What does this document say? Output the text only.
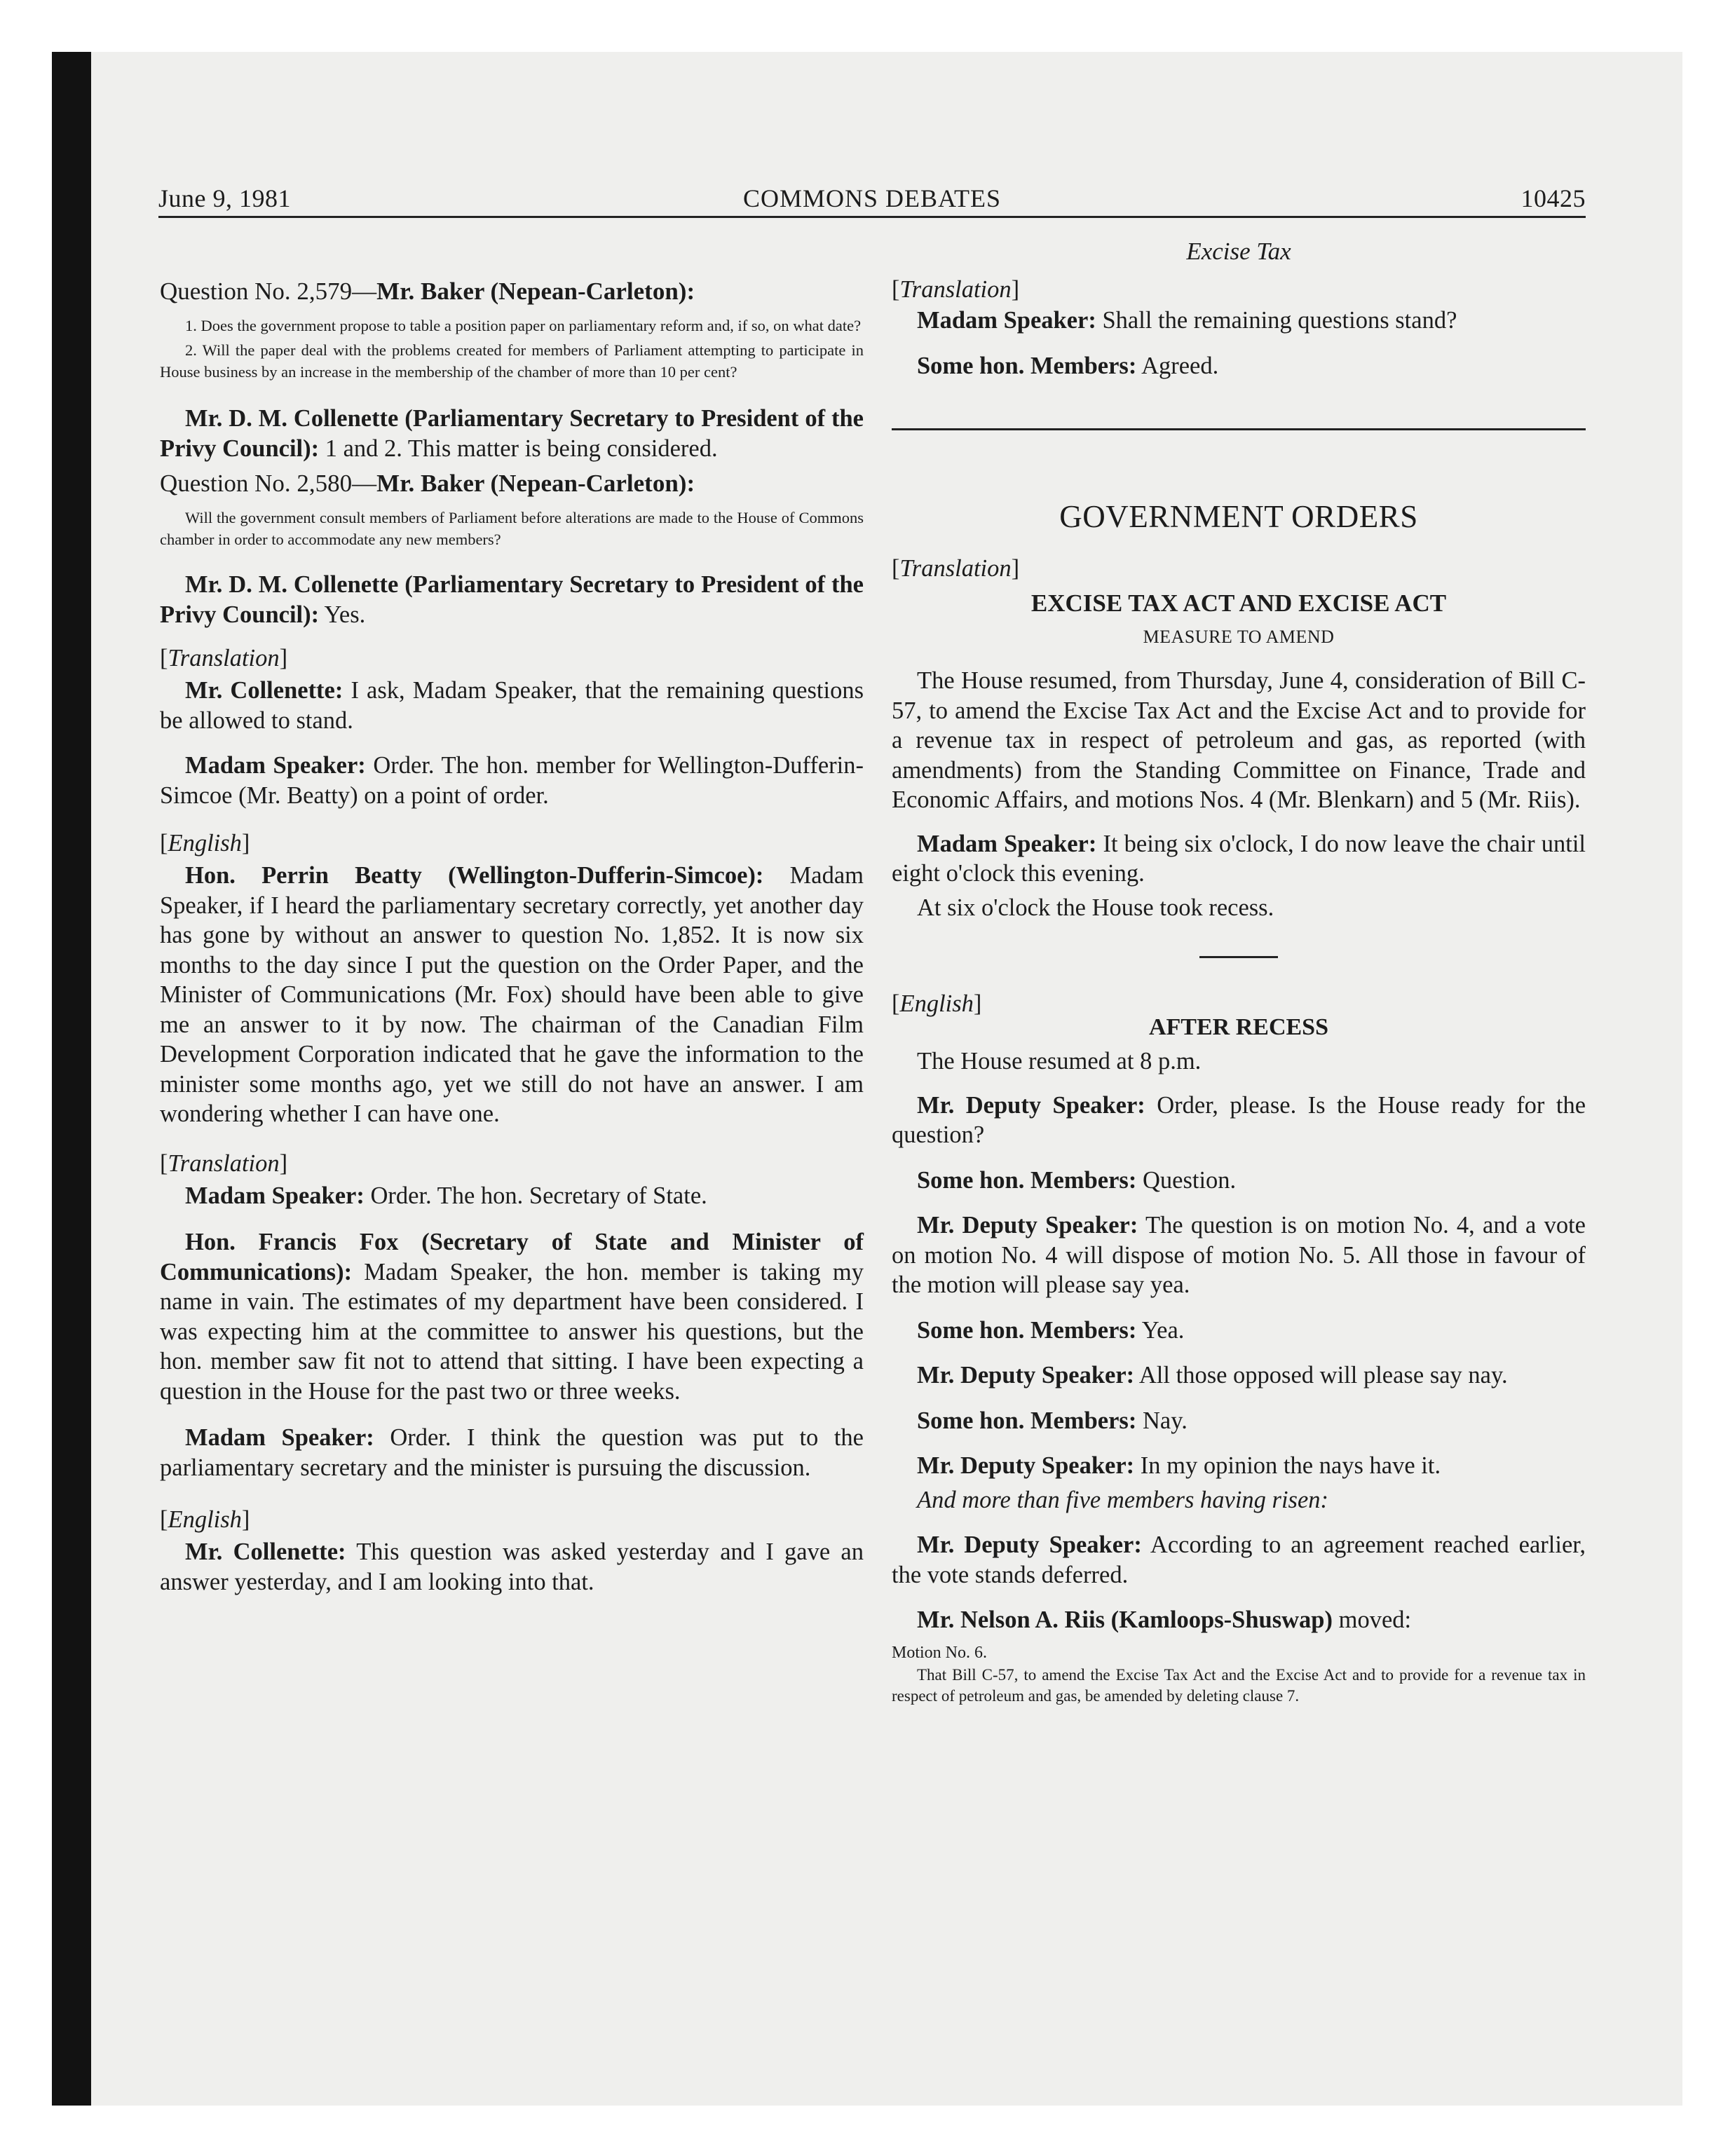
June 9, 1981	COMMONS DEBATES	10425

Question No. 2,579—Mr. Baker (Nepean-Carleton):

1. Does the government propose to table a position paper on parliamentary reform and, if so, on what date?

2. Will the paper deal with the problems created for members of Parliament attempting to participate in House business by an increase in the membership of the chamber of more than 10 per cent?

Mr. D. M. Collenette (Parliamentary Secretary to President of the Privy Council): 1 and 2. This matter is being considered.

Question No. 2,580—Mr. Baker (Nepean-Carleton):

Will the government consult members of Parliament before alterations are made to the House of Commons chamber in order to accommodate any new members?

Mr. D. M. Collenette (Parliamentary Secretary to President of the Privy Council): Yes.

[Translation]

Mr. Collenette: I ask, Madam Speaker, that the remaining questions be allowed to stand.

Madam Speaker: Order. The hon. member for Wellington-Dufferin-Simcoe (Mr. Beatty) on a point of order.

[English]

Hon. Perrin Beatty (Wellington-Dufferin-Simcoe): Madam Speaker, if I heard the parliamentary secretary correctly, yet another day has gone by without an answer to question No. 1,852. It is now six months to the day since I put the question on the Order Paper, and the Minister of Communications (Mr. Fox) should have been able to give me an answer to it by now. The chairman of the Canadian Film Development Corporation indicated that he gave the information to the minister some months ago, yet we still do not have an answer. I am wondering whether I can have one.

[Translation]

Madam Speaker: Order. The hon. Secretary of State.

Hon. Francis Fox (Secretary of State and Minister of Communications): Madam Speaker, the hon. member is taking my name in vain. The estimates of my department have been considered. I was expecting him at the committee to answer his questions, but the hon. member saw fit not to attend that sitting. I have been expecting a question in the House for the past two or three weeks.

Madam Speaker: Order. I think the question was put to the parliamentary secretary and the minister is pursuing the discussion.

[English]

Mr. Collenette: This question was asked yesterday and I gave an answer yesterday, and I am looking into that.

Excise Tax

[Translation]

Madam Speaker: Shall the remaining questions stand?

Some hon. Members: Agreed.

GOVERNMENT ORDERS

[Translation]

EXCISE TAX ACT AND EXCISE ACT

MEASURE TO AMEND

The House resumed, from Thursday, June 4, consideration of Bill C-57, to amend the Excise Tax Act and the Excise Act and to provide for a revenue tax in respect of petroleum and gas, as reported (with amendments) from the Standing Committee on Finance, Trade and Economic Affairs, and motions Nos. 4 (Mr. Blenkarn) and 5 (Mr. Riis).

Madam Speaker: It being six o'clock, I do now leave the chair until eight o'clock this evening.

At six o'clock the House took recess.

[English]

AFTER RECESS

The House resumed at 8 p.m.

Mr. Deputy Speaker: Order, please. Is the House ready for the question?

Some hon. Members: Question.

Mr. Deputy Speaker: The question is on motion No. 4, and a vote on motion No. 4 will dispose of motion No. 5. All those in favour of the motion will please say yea.

Some hon. Members: Yea.

Mr. Deputy Speaker: All those opposed will please say nay.

Some hon. Members: Nay.

Mr. Deputy Speaker: In my opinion the nays have it.

And more than five members having risen:

Mr. Deputy Speaker: According to an agreement reached earlier, the vote stands deferred.

Mr. Nelson A. Riis (Kamloops-Shuswap) moved:

Motion No. 6.

That Bill C-57, to amend the Excise Tax Act and the Excise Act and to provide for a revenue tax in respect of petroleum and gas, be amended by deleting clause 7.
